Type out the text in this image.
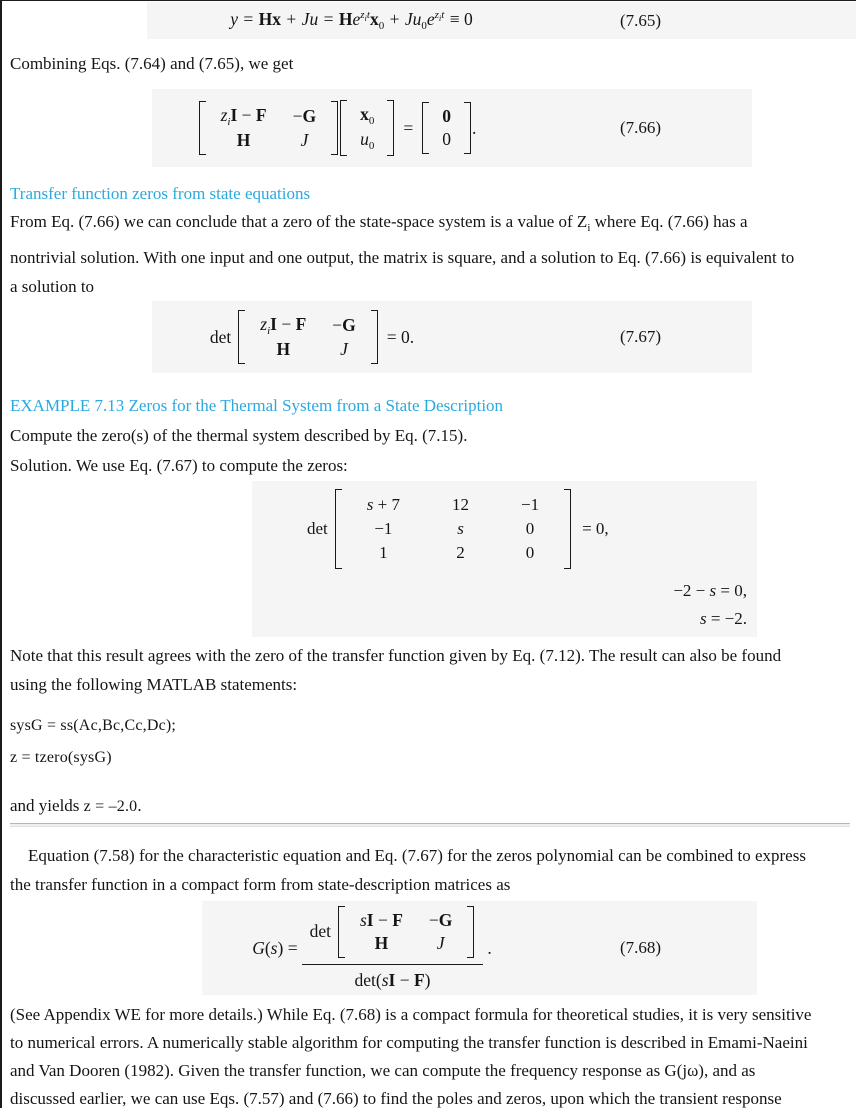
$y = Hx + Ju = He^{z_it}x_0 + Ju_0e^{z_it} \equiv 0$	(7.65)
Combining Eqs. (7.64) and (7.65), we get
$z_iI - F -G$
H	J
$x_0$
$u_0$
=
0
0
.	(7.66)
Transfer function zeros from state equations
From Eq. (7.66) we can conclude that a zero of the state-space system is a value of $Z_i$ where Eq. (7.66) has a
nontrivial solution. With one input and one output, the matrix is square, and a solution to Eq. (7.66) is equivalent to
a solution to
det
$z_iI - F -G$
H	J
= 0.	(7.67)
EXAMPLE 7.13 Zeros for the Thermal System from a State Description
Compute the zero(s) of the thermal system described by Eq. (7.15).
Solution. We use Eq. (7.67) to compute the zeros:
det
s + 7	12	−1
−1	s	0
1	2	0
= 0,
−2 − s = 0,
s = −2.
Note that this result agrees with the zero of the transfer function given by Eq. (7.12). The result can also be found
using the following MATLAB statements:
sysG = ss(Ac,Bc,Cc,Dc);
z = tzero(sysG)
and yields z = –2.0.
Equation (7.58) for the characteristic equation and Eq. (7.67) for the zeros polynomial can be combined to express
the transfer function in a compact form from state-description matrices as
G(s) = det
sI − F −G
H	J
det(sI − F) .	(7.68)
(See Appendix WE for more details.) While Eq. (7.68) is a compact formula for theoretical studies, it is very sensitive
to numerical errors. A numerically stable algorithm for computing the transfer function is described in Emami-Naeini
and Van Dooren (1982). Given the transfer function, we can compute the frequency response as G(jω), and as
discussed earlier, we can use Eqs. (7.57) and (7.66) to find the poles and zeros, upon which the transient response
